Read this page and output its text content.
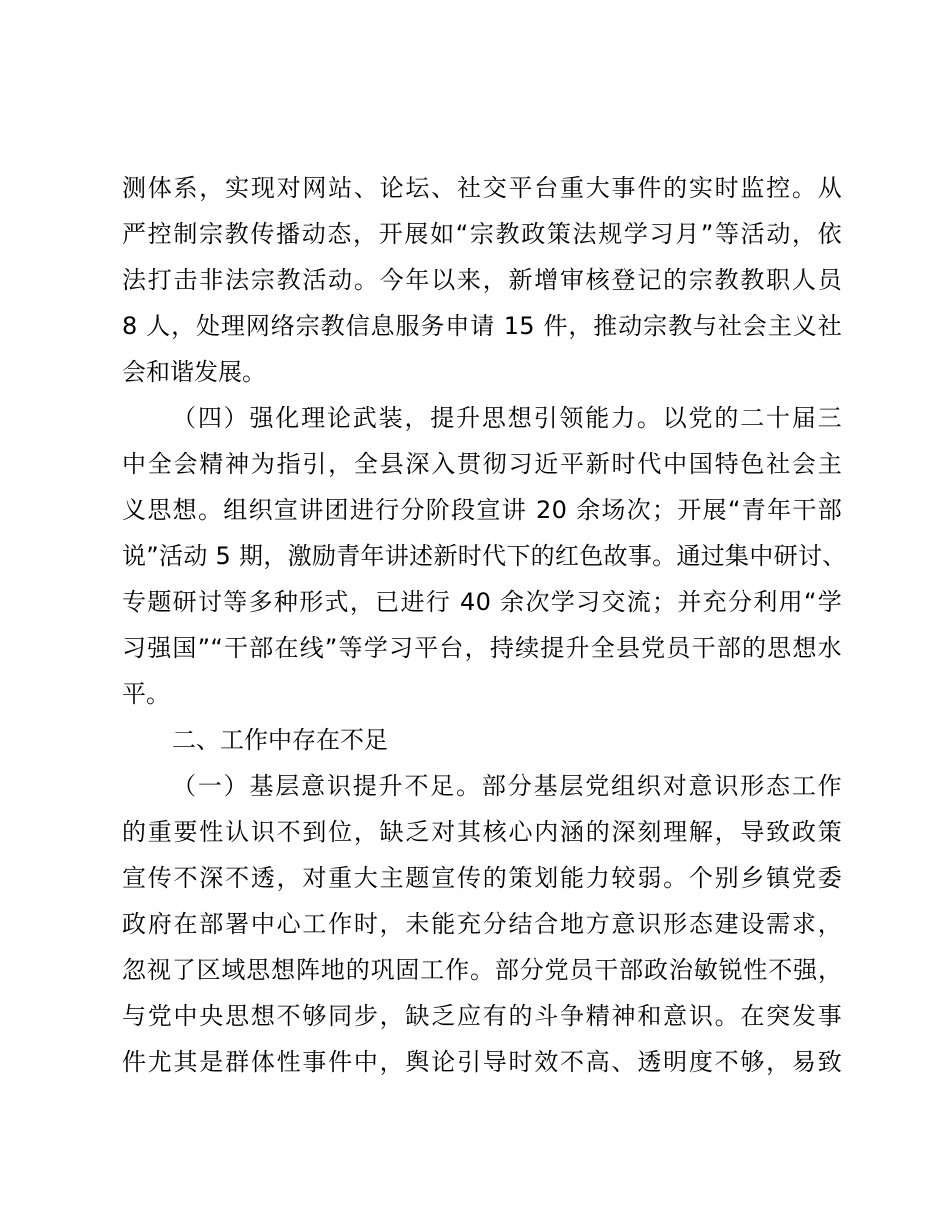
测体系，实现对网站、论坛、社交平台重大事件的实时监控。从
严控制宗教传播动态，开展如“宗教政策法规学习月”等活动，依
法打击非法宗教活动。今年以来，新增审核登记的宗教教职人员
8 人，处理网络宗教信息服务申请 15 件，推动宗教与社会主义社
会和谐发展。
（四）强化理论武装，提升思想引领能力。以党的二十届三
中全会精神为指引，全县深入贯彻习近平新时代中国特色社会主
义思想。组织宣讲团进行分阶段宣讲 20 余场次；开展“青年干部
说”活动 5 期，激励青年讲述新时代下的红色故事。通过集中研讨、
专题研讨等多种形式，已进行 40 余次学习交流；并充分利用“学
习强国”“干部在线”等学习平台，持续提升全县党员干部的思想水
平。
二、工作中存在不足
（一）基层意识提升不足。部分基层党组织对意识形态工作
的重要性认识不到位，缺乏对其核心内涵的深刻理解，导致政策
宣传不深不透，对重大主题宣传的策划能力较弱。个别乡镇党委
政府在部署中心工作时，未能充分结合地方意识形态建设需求，
忽视了区域思想阵地的巩固工作。部分党员干部政治敏锐性不强，
与党中央思想不够同步，缺乏应有的斗争精神和意识。在突发事
件尤其是群体性事件中，舆论引导时效不高、透明度不够，易致
